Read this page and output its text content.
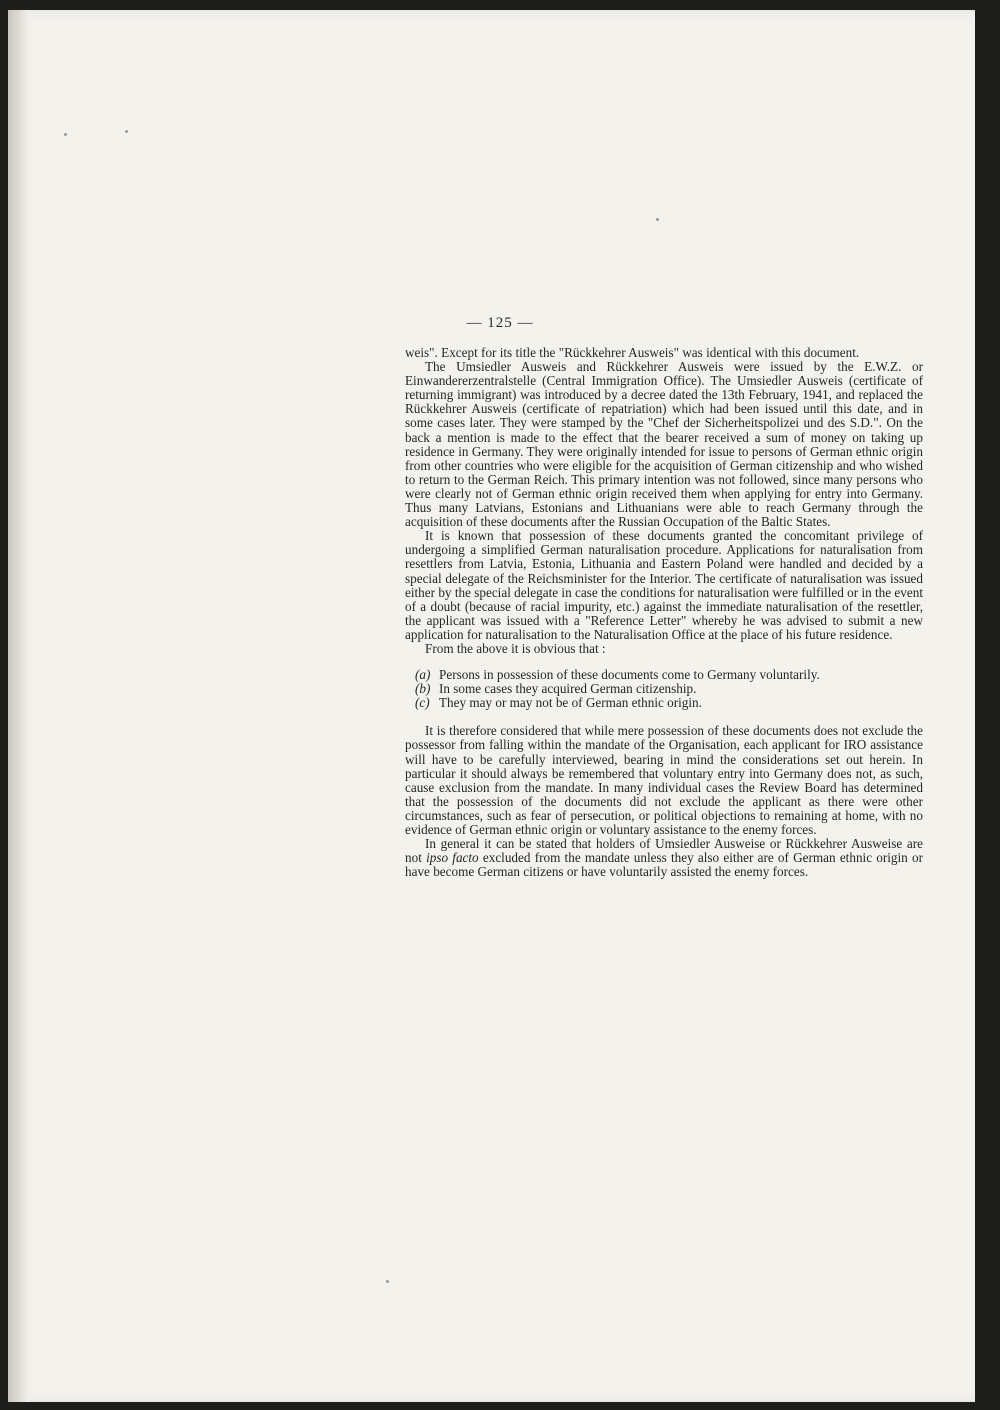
— 125 —

weis". Except for its title the "Rückkehrer Ausweis" was identical with this document.

The Umsiedler Ausweis and Rückkehrer Ausweis were issued by the E.W.Z. or Einwandererzentralstelle (Central Immigration Office). The Umsiedler Ausweis (certificate of returning immigrant) was introduced by a decree dated the 13th February, 1941, and replaced the Rückkehrer Ausweis (certificate of repatriation) which had been issued until this date, and in some cases later. They were stamped by the "Chef der Sicherheitspolizei und des S.D.". On the back a mention is made to the effect that the bearer received a sum of money on taking up residence in Germany. They were originally intended for issue to persons of German ethnic origin from other countries who were eligible for the acquisition of German citizenship and who wished to return to the German Reich. This primary intention was not followed, since many persons who were clearly not of German ethnic origin received them when applying for entry into Germany. Thus many Latvians, Estonians and Lithuanians were able to reach Germany through the acquisition of these documents after the Russian Occupation of the Baltic States.

It is known that possession of these documents granted the concomitant privilege of undergoing a simplified German naturalisation procedure. Applications for naturalisation from resettlers from Latvia, Estonia, Lithuania and Eastern Poland were handled and decided by a special delegate of the Reichsminister for the Interior. The certificate of naturalisation was issued either by the special delegate in case the conditions for naturalisation were fulfilled or in the event of a doubt (because of racial impurity, etc.) against the immediate naturalisation of the resettler, the applicant was issued with a "Reference Letter" whereby he was advised to submit a new application for naturalisation to the Naturalisation Office at the place of his future residence.

From the above it is obvious that :

(a) Persons in possession of these documents come to Germany voluntarily.
(b) In some cases they acquired German citizenship.
(c) They may or may not be of German ethnic origin.

It is therefore considered that while mere possession of these documents does not exclude the possessor from falling within the mandate of the Organisation, each applicant for IRO assistance will have to be carefully interviewed, bearing in mind the considerations set out herein. In particular it should always be remembered that voluntary entry into Germany does not, as such, cause exclusion from the mandate. In many individual cases the Review Board has determined that the possession of the documents did not exclude the applicant as there were other circumstances, such as fear of persecution, or political objections to remaining at home, with no evidence of German ethnic origin or voluntary assistance to the enemy forces.

In general it can be stated that holders of Umsiedler Ausweise or Rückkehrer Ausweise are not ipso facto excluded from the mandate unless they also either are of German ethnic origin or have become German citizens or have voluntarily assisted the enemy forces.
